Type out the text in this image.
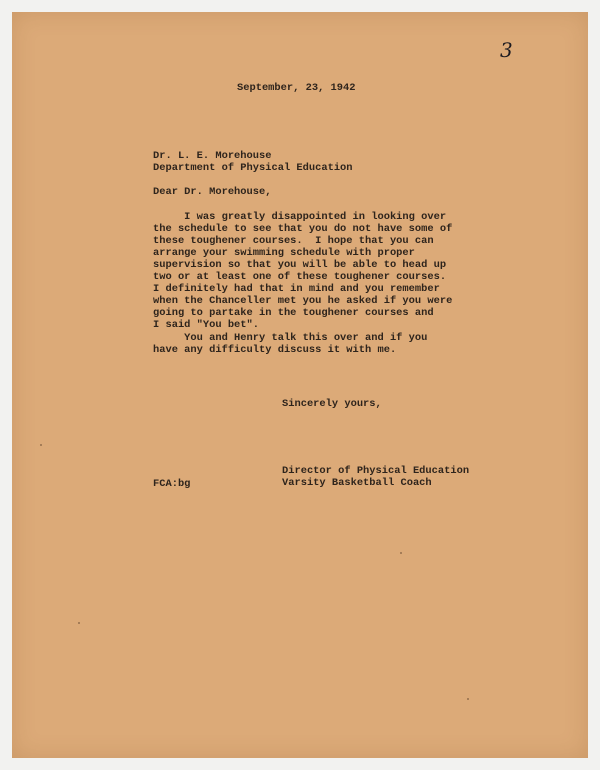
3
September, 23, 1942
Dr. L. E. Morehouse
Department of Physical Education
Dear Dr. Morehouse,
I was greatly disappointed in looking over
the schedule to see that you do not have some of
these toughener courses.  I hope that you can
arrange your swimming schedule with proper
supervision so that you will be able to head up
two or at least one of these toughener courses.
I definitely had that in mind and you remember
when the Chanceller met you he asked if you were
going to partake in the toughener courses and
I said "You bet".
You and Henry talk this over and if you
have any difficulty discuss it with me.
Sincerely yours,
Director of Physical Education
Varsity Basketball Coach
FCA:bg
